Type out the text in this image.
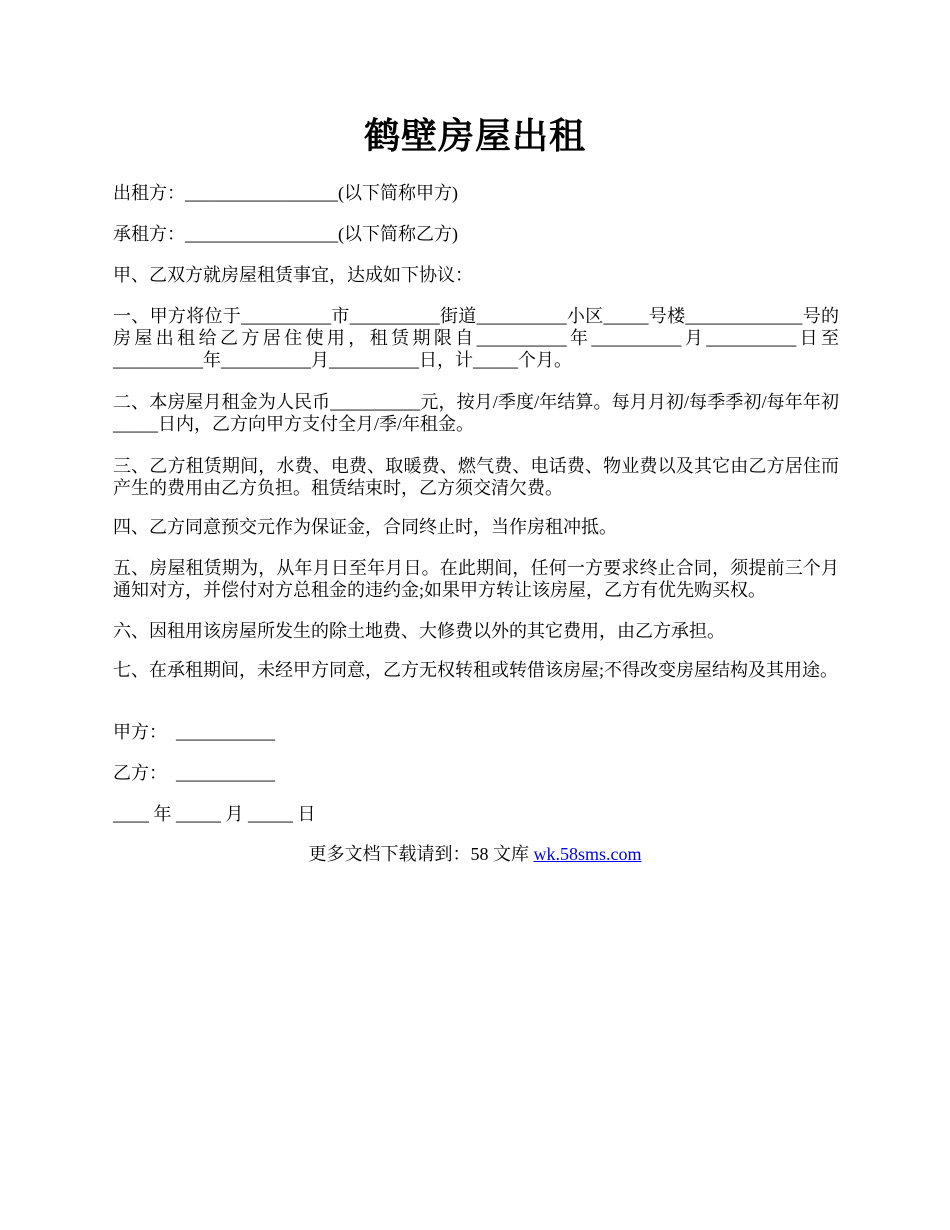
鹤壁房屋出租
出租方：_________________(以下简称甲方)
承租方：_________________(以下简称乙方)
甲、乙双方就房屋租赁事宜，达成如下协议：
一、甲方将位于__________市__________街道__________小区_____号楼_____________号的房屋出租给乙方居住使用，租赁期限自__________年__________月__________日至__________年__________月__________日，计_____个月。
二、本房屋月租金为人民币__________元，按月/季度/年结算。每月月初/每季季初/每年年初_____日内，乙方向甲方支付全月/季/年租金。
三、乙方租赁期间，水费、电费、取暖费、燃气费、电话费、物业费以及其它由乙方居住而产生的费用由乙方负担。租赁结束时，乙方须交清欠费。
四、乙方同意预交元作为保证金，合同终止时，当作房租冲抵。
五、房屋租赁期为，从年月日至年月日。在此期间，任何一方要求终止合同，须提前三个月通知对方，并偿付对方总租金的违约金;如果甲方转让该房屋，乙方有优先购买权。
六、因租用该房屋所发生的除土地费、大修费以外的其它费用，由乙方承担。
七、在承租期间，未经甲方同意，乙方无权转租或转借该房屋;不得改变房屋结构及其用途。
甲方：  ___________
乙方：  ___________
____ 年 _____ 月 _____ 日
更多文档下载请到：58 文库 wk.58sms.com
